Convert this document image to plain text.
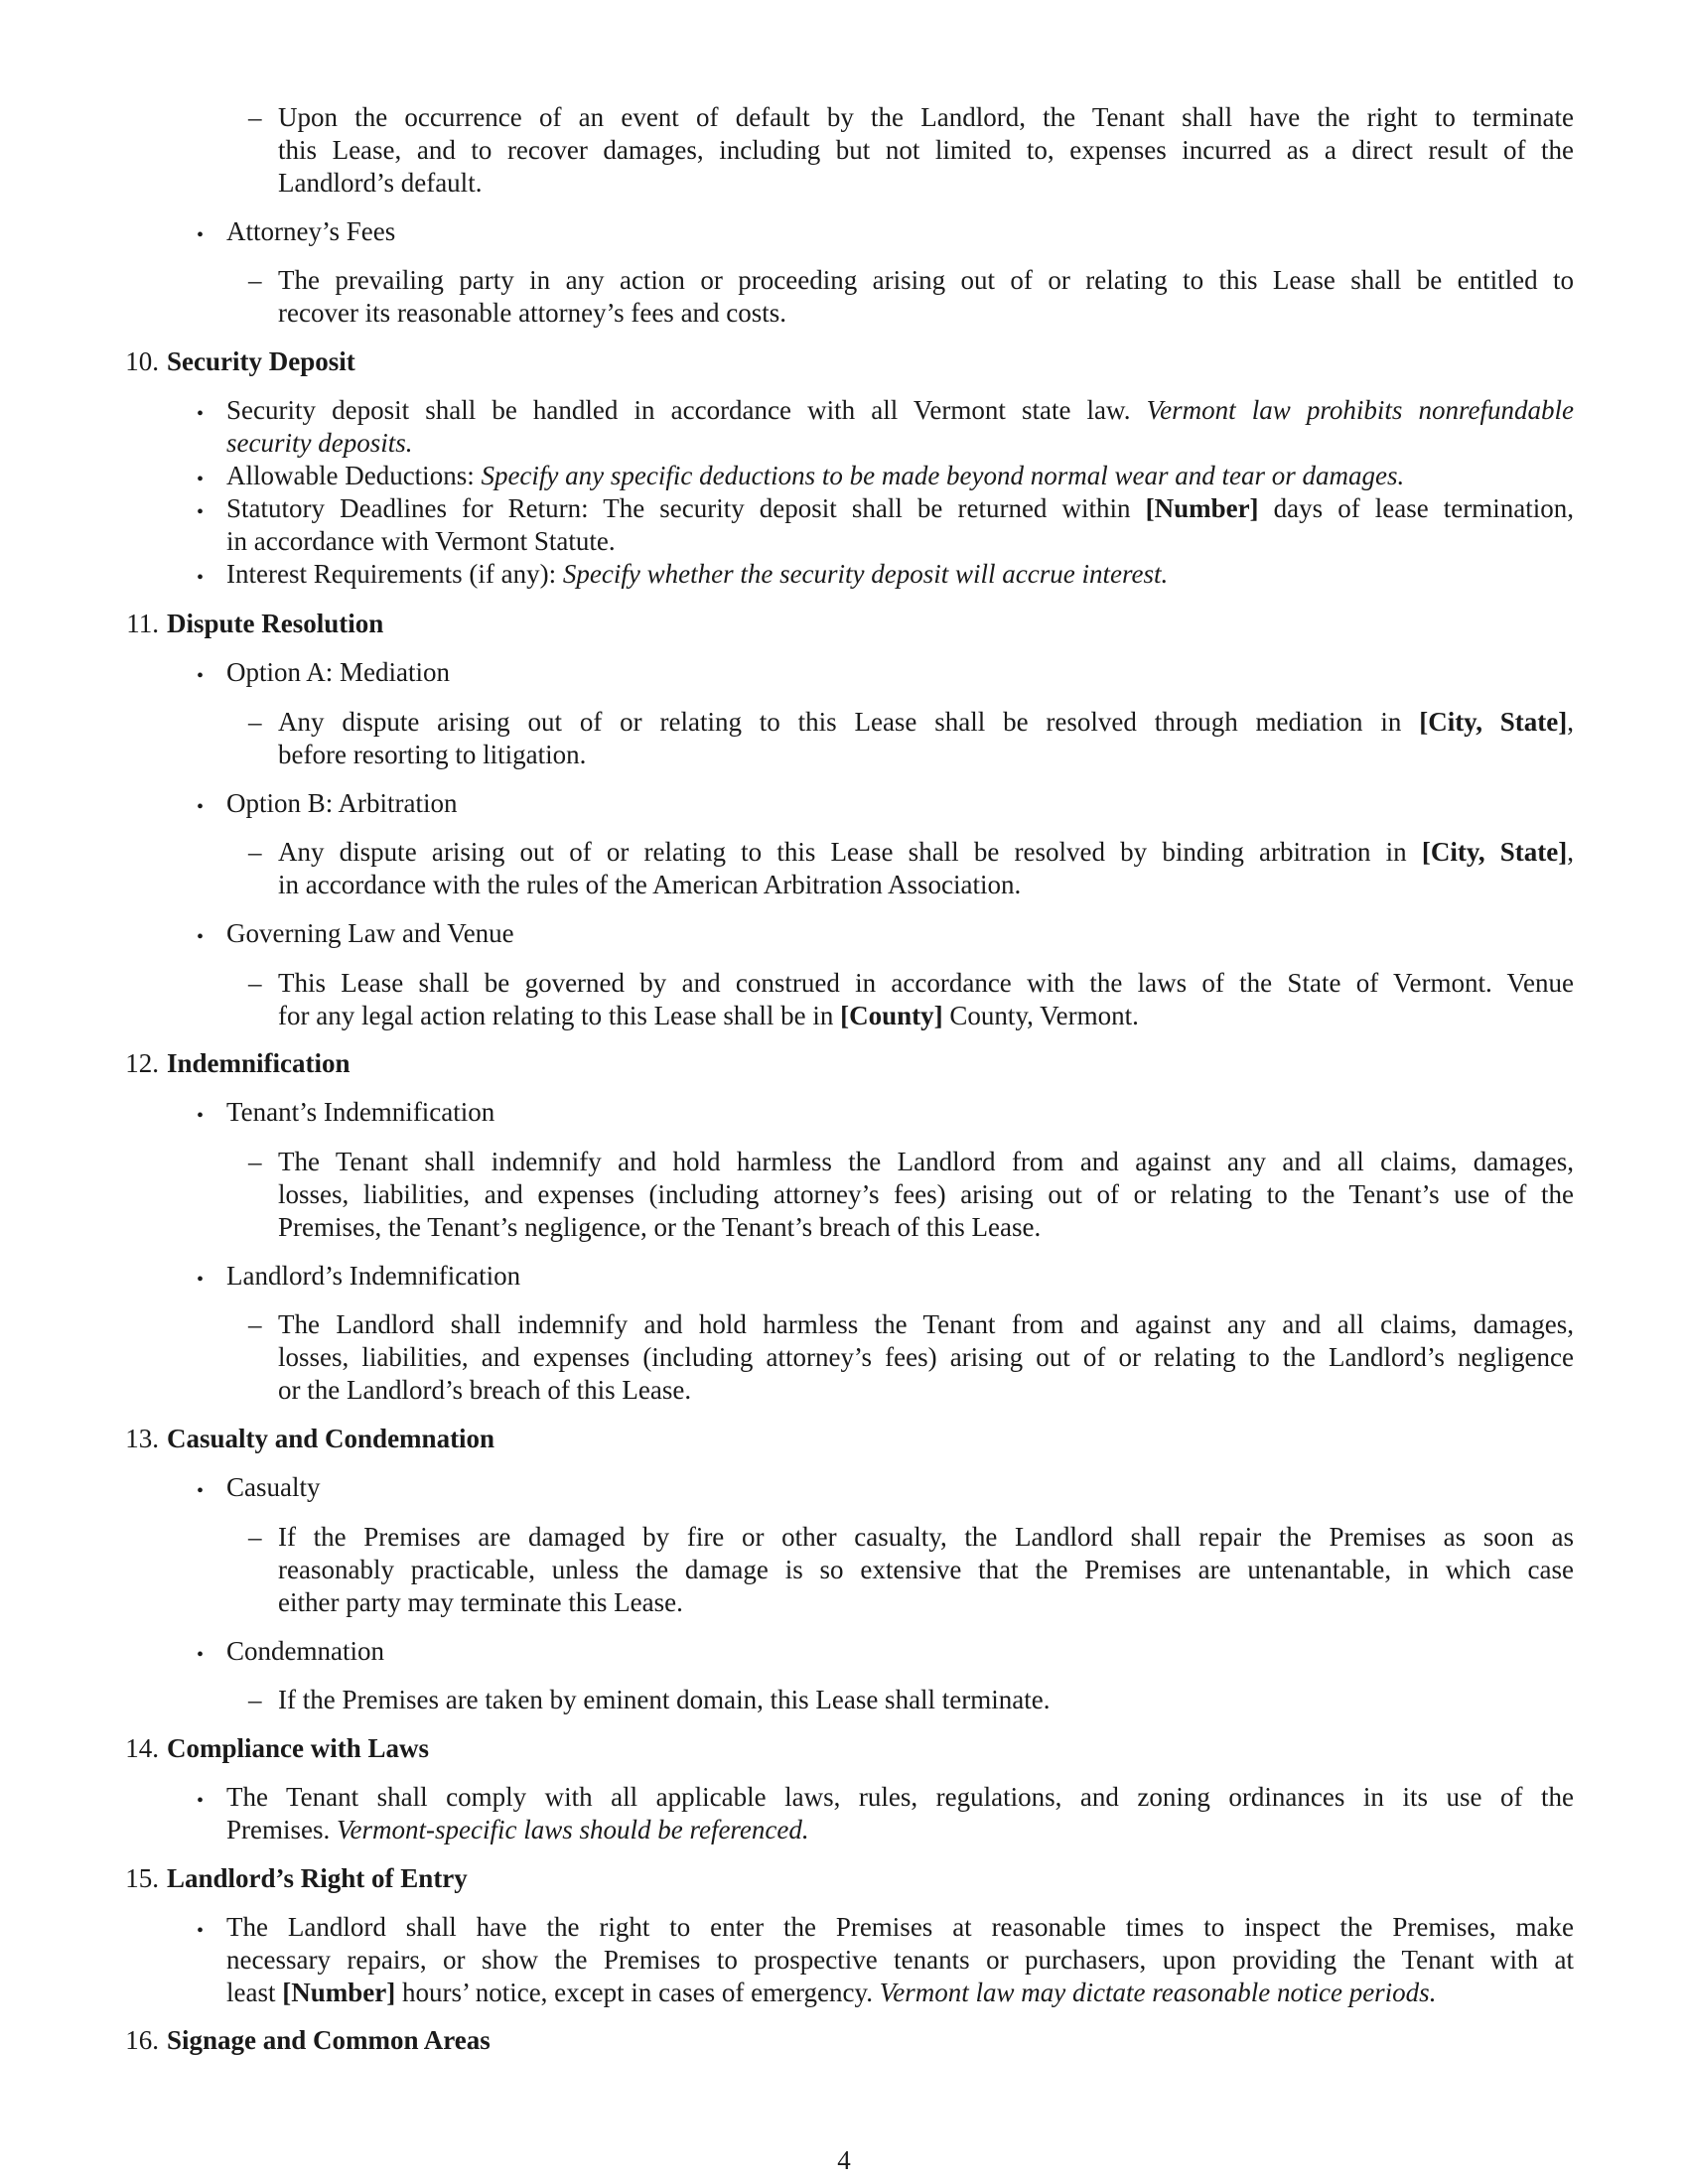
– Upon the occurrence of an event of default by the Landlord, the Tenant shall have the right to terminate
this Lease, and to recover damages, including but not limited to, expenses incurred as a direct result of the
Landlord’s default.
• Attorney’s Fees
– The prevailing party in any action or proceeding arising out of or relating to this Lease shall be entitled to
recover its reasonable attorney’s fees and costs.
10. Security Deposit
• Security deposit shall be handled in accordance with all Vermont state law. Vermont law prohibits nonrefundable
security deposits.
• Allowable Deductions: Specify any specific deductions to be made beyond normal wear and tear or damages.
• Statutory Deadlines for Return: The security deposit shall be returned within [Number] days of lease termination,
in accordance with Vermont Statute.
• Interest Requirements (if any): Specify whether the security deposit will accrue interest.
11. Dispute Resolution
• Option A: Mediation
– Any dispute arising out of or relating to this Lease shall be resolved through mediation in [City, State],
before resorting to litigation.
• Option B: Arbitration
– Any dispute arising out of or relating to this Lease shall be resolved by binding arbitration in [City, State],
in accordance with the rules of the American Arbitration Association.
• Governing Law and Venue
– This Lease shall be governed by and construed in accordance with the laws of the State of Vermont. Venue
for any legal action relating to this Lease shall be in [County] County, Vermont.
12. Indemnification
• Tenant’s Indemnification
– The Tenant shall indemnify and hold harmless the Landlord from and against any and all claims, damages,
losses, liabilities, and expenses (including attorney’s fees) arising out of or relating to the Tenant’s use of the
Premises, the Tenant’s negligence, or the Tenant’s breach of this Lease.
• Landlord’s Indemnification
– The Landlord shall indemnify and hold harmless the Tenant from and against any and all claims, damages,
losses, liabilities, and expenses (including attorney’s fees) arising out of or relating to the Landlord’s negligence
or the Landlord’s breach of this Lease.
13. Casualty and Condemnation
• Casualty
– If the Premises are damaged by fire or other casualty, the Landlord shall repair the Premises as soon as
reasonably practicable, unless the damage is so extensive that the Premises are untenantable, in which case
either party may terminate this Lease.
• Condemnation
– If the Premises are taken by eminent domain, this Lease shall terminate.
14. Compliance with Laws
• The Tenant shall comply with all applicable laws, rules, regulations, and zoning ordinances in its use of the
Premises. Vermont-specific laws should be referenced.
15. Landlord’s Right of Entry
• The Landlord shall have the right to enter the Premises at reasonable times to inspect the Premises, make
necessary repairs, or show the Premises to prospective tenants or purchasers, upon providing the Tenant with at
least [Number] hours’ notice, except in cases of emergency. Vermont law may dictate reasonable notice periods.
16. Signage and Common Areas
4
